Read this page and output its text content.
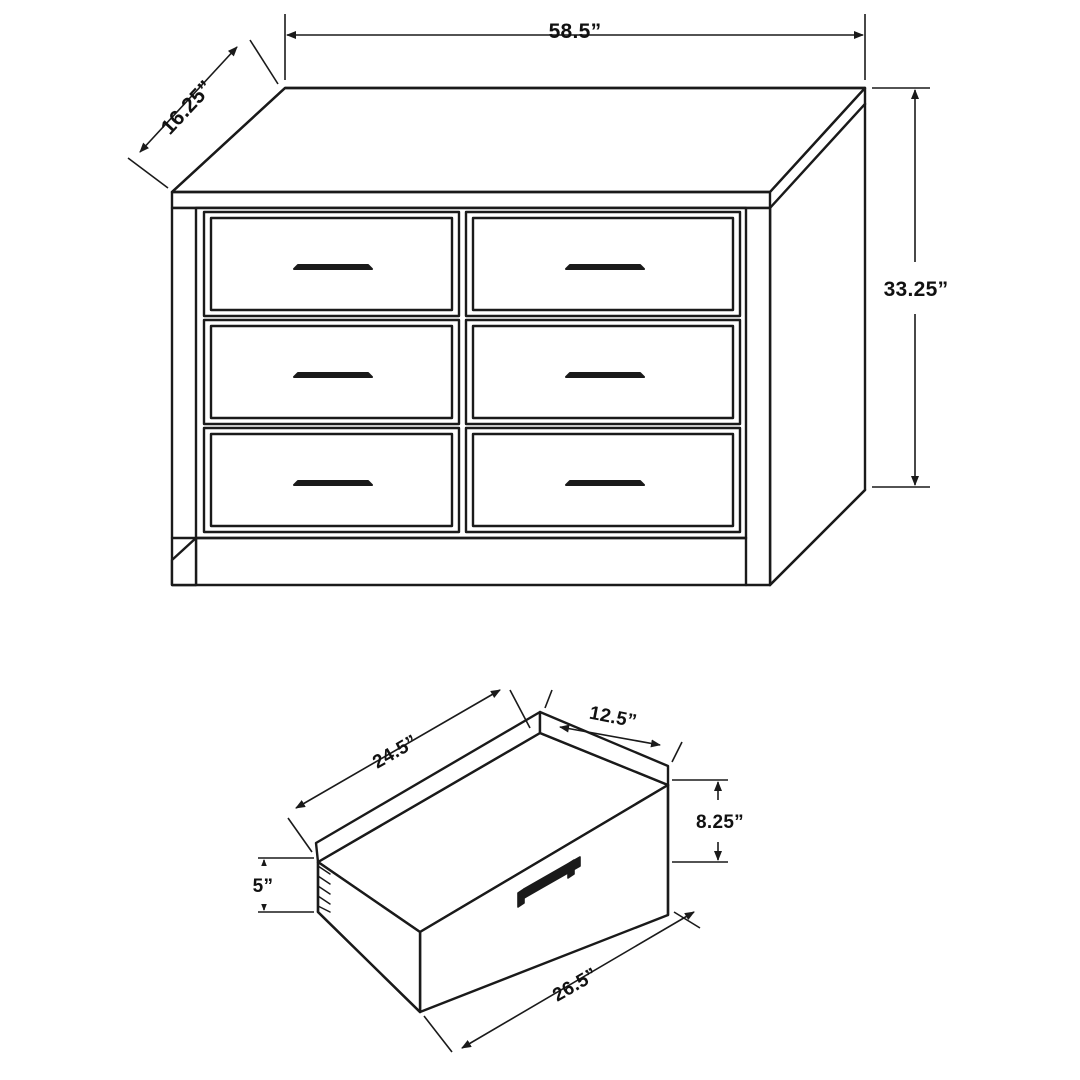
58.5”
16.25”
33.25”
24.5”
12.5”
8.25”
5”
26.5”
